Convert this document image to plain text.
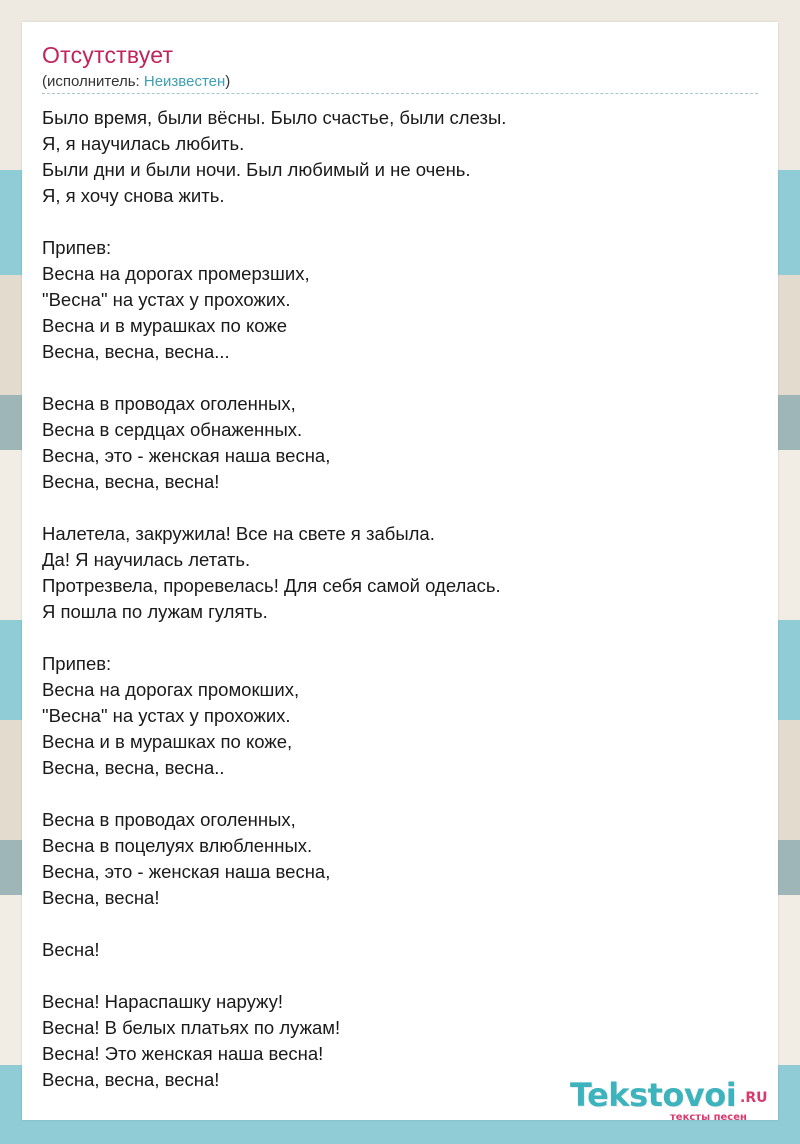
Отсутствует
(исполнитель: Неизвестен)
Было время, были вёсны. Было счастье, были слезы.
Я, я научилась любить.
Были дни и были ночи. Был любимый и не очень.
Я, я хочу снова жить.
Припев:
Весна на дорогах промерзших,
"Весна" на устах у прохожих.
Весна и в мурашках по коже
Весна, весна, весна...
Весна в проводах оголенных,
Весна в сердцах обнаженных.
Весна, это - женская наша весна,
Весна, весна, весна!
Налетела, закружила! Все на свете я забыла.
Да! Я научилась летать.
Протрезвела, проревелась! Для себя самой оделась.
Я пошла по лужам гулять.
Припев:
Весна на дорогах промокших,
"Весна" на устах у прохожих.
Весна и в мурашках по коже,
Весна, весна, весна..
Весна в проводах оголенных,
Весна в поцелуях влюбленных.
Весна, это - женская наша весна,
Весна, весна!
Весна!
Весна! Нараспашку наружу!
Весна! В белых платьях по лужам!
Весна! Это женская наша весна!
Весна, весна, весна!	Tekstovoi .RU
тексты песен
